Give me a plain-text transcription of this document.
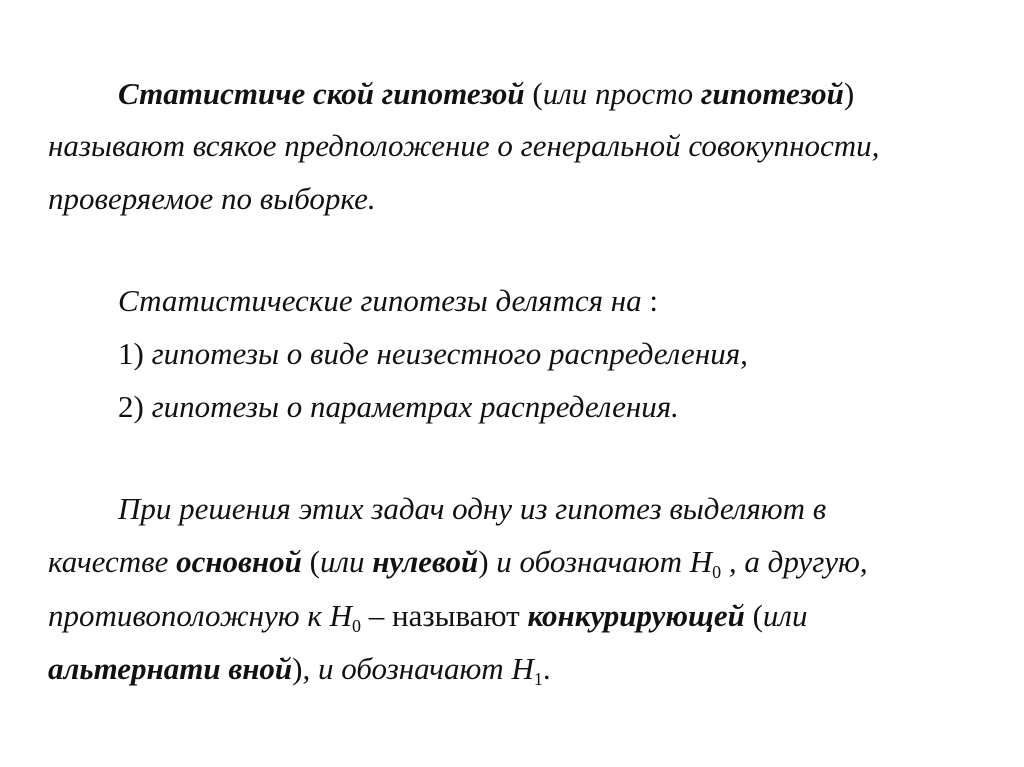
Статистиче ской гипотезой (или просто гипотезой)
называют всякое предположение о генеральной совокупности,
проверяемое по выборке.
Статистические гипотезы делятся на :
1) гипотезы о виде неизестного распределения,
2) гипотезы о параметрах распределения.
При решения этих задач одну из гипотез выделяют в
качестве основной (или нулевой) и обозначают $H_0$ , а другую,
противоположную к $H_0$ – называют конкурирующей (или
альтернати вной), и обозначают $H_1$.
